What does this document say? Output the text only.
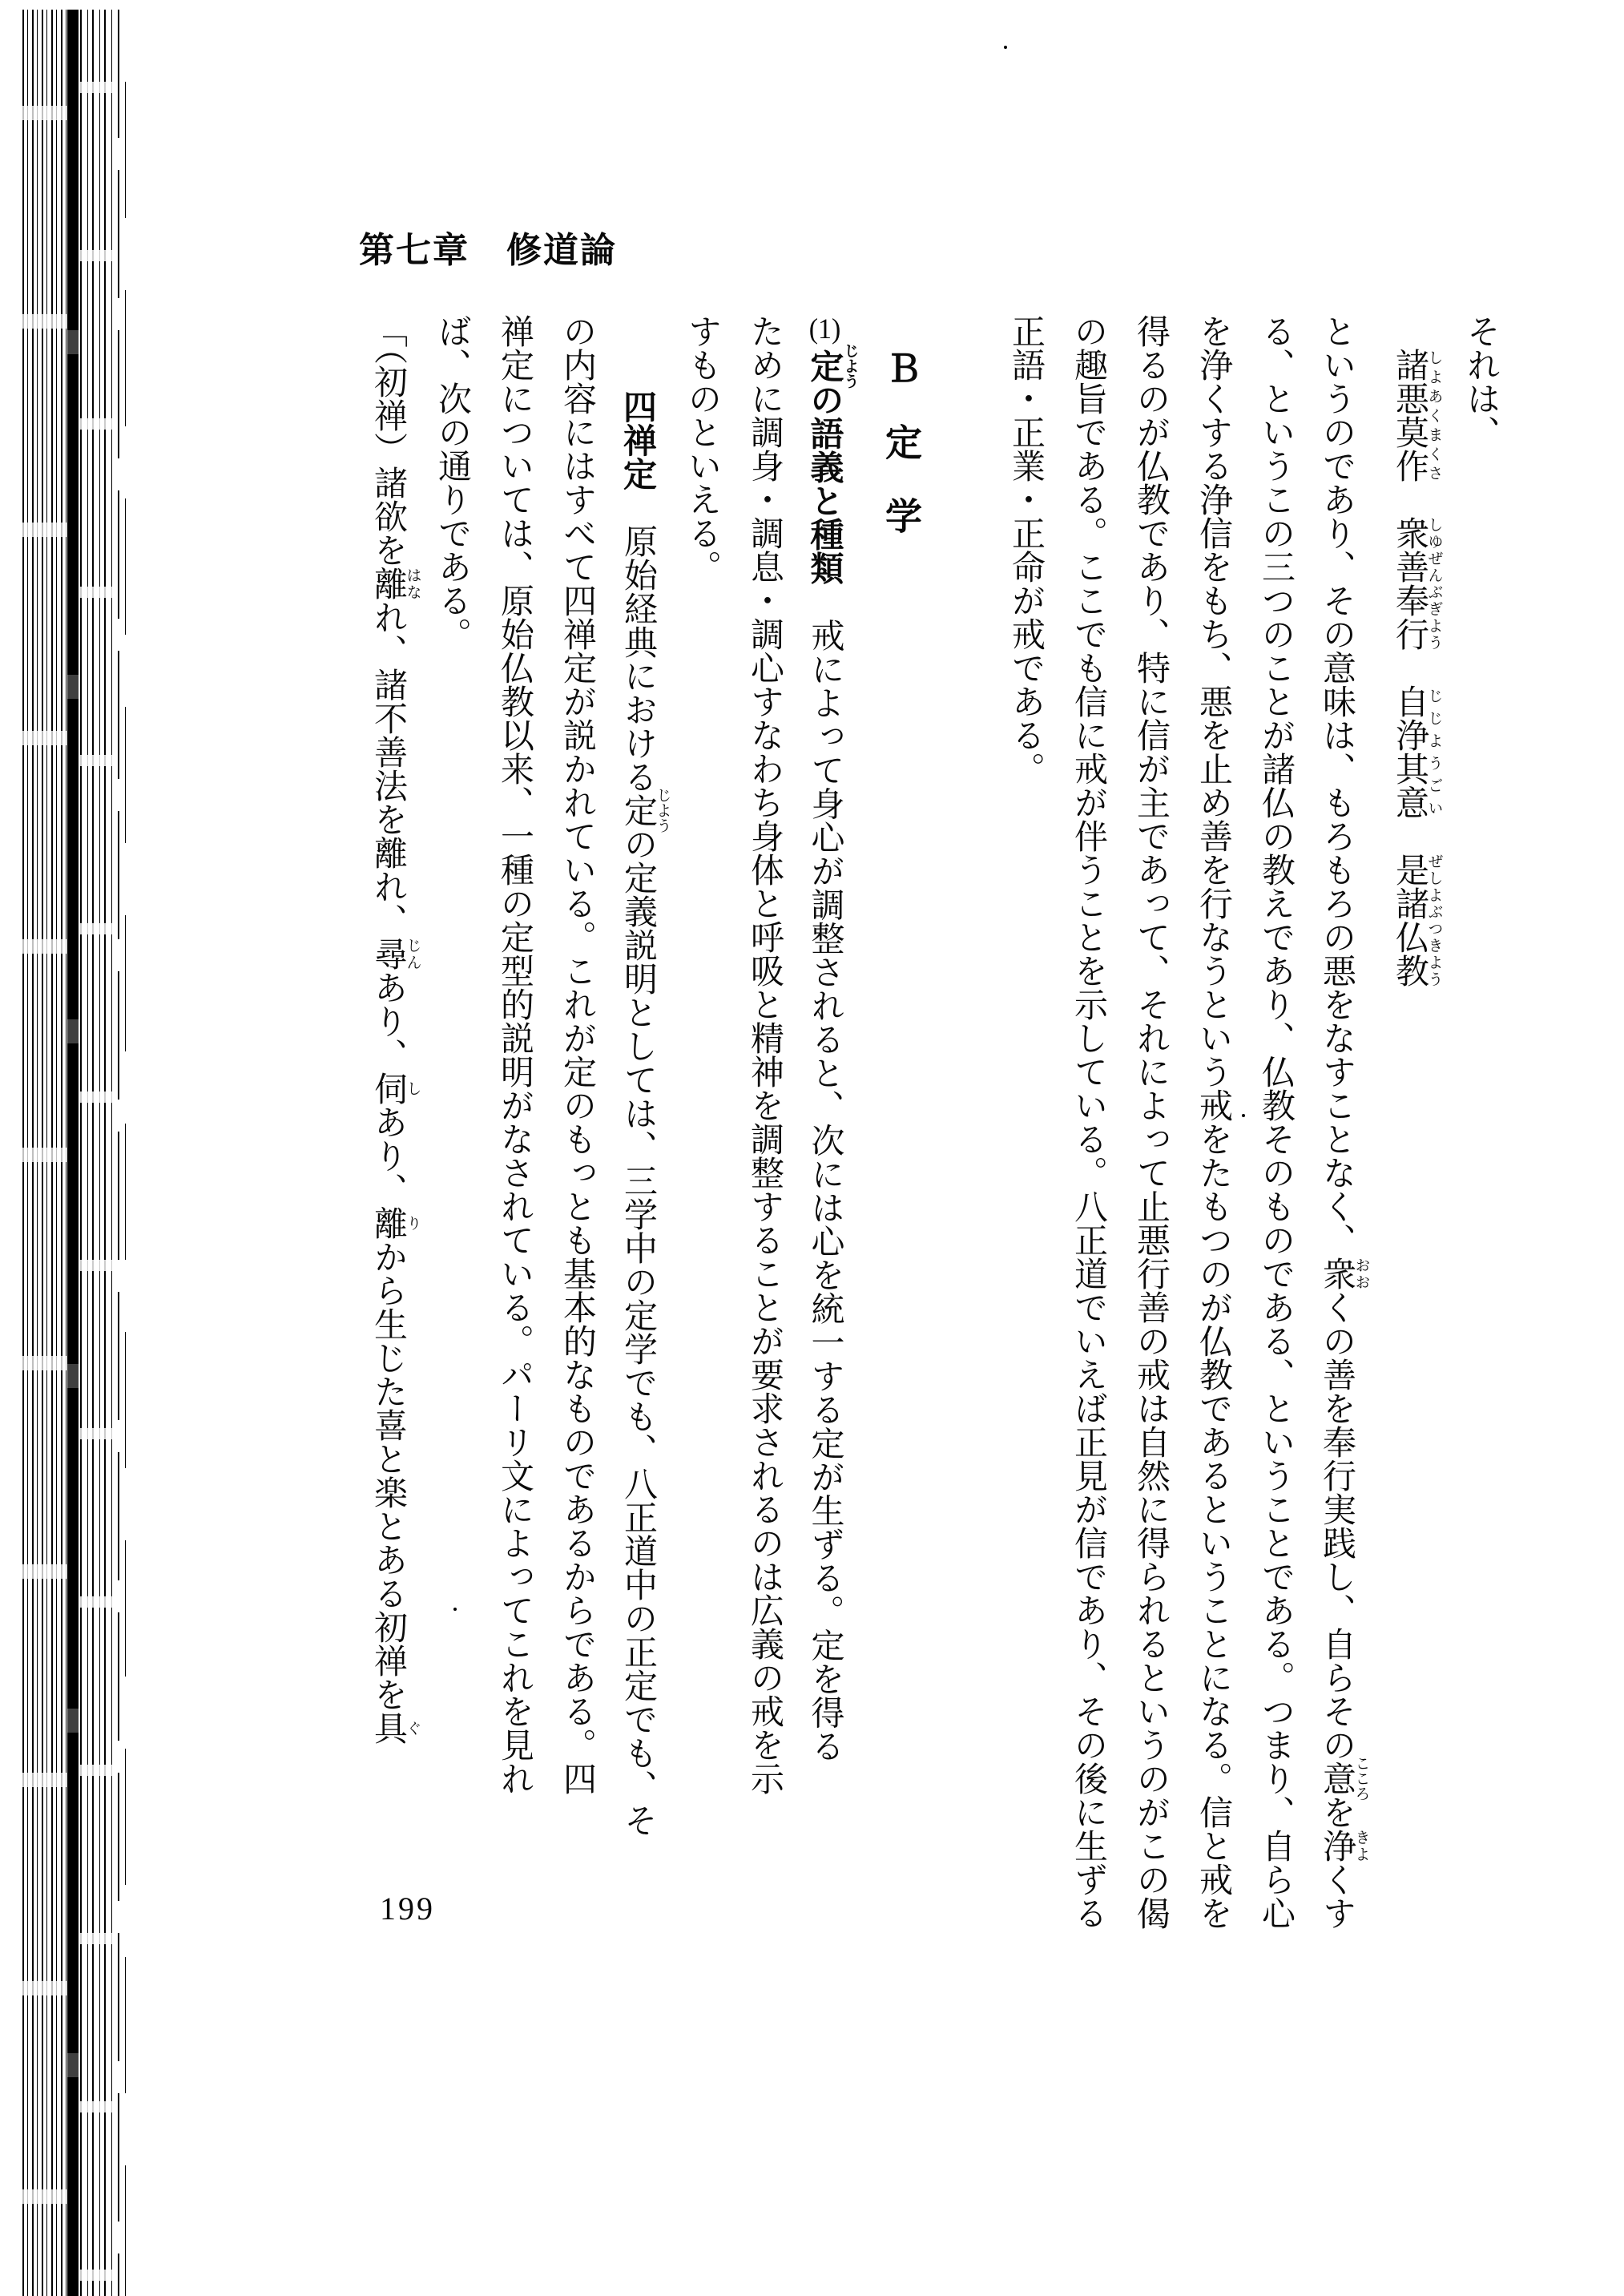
第七章　修道論
それは、
諸悪莫作しよあくまくさ　衆善奉行しゆぜんぶぎよう　自浄其意じじようごい　是諸仏教ぜしよぶつきよう
というのであり、その意味は、もろもろの悪をなすことなく、衆おおくの善を奉行実践し、自らその意こころを浄きよくす
る、というこの三つのことが諸仏の教えであり、仏教そのものである、ということである。つまり、自ら心
を浄くする浄信をもち、悪を止め善を行なうという戒をたもつのが仏教であるということになる。信と戒を
得るのが仏教であり、特に信が主であって、それによって止悪行善の戒は自然に得られるというのがこの偈
の趣旨である。ここでも信に戒が伴うことを示している。八正道でいえば正見が信であり、その後に生ずる
正語・正業・正命が戒である。
Ｂ　定　学
(1)定じようの語義と種類　戒によって身心が調整されると、次には心を統一する定が生ずる。定を得る
ために調身・調息・調心すなわち身体と呼吸と精神を調整することが要求されるのは広義の戒を示
すものといえる。
四禅定　原始経典における定じようの定義説明としては、三学中の定学でも、八正道中の正定でも、そ
の内容にはすべて四禅定が説かれている。これが定のもっとも基本的なものであるからである。四
禅定については、原始仏教以来、一種の定型的説明がなされている。パーリ文によってこれを見れ
ば、次の通りである。
「（初禅）諸欲を離はなれ、諸不善法を離れ、尋じんあり、伺しあり、離りから生じた喜と楽とある初禅を具ぐ
199
